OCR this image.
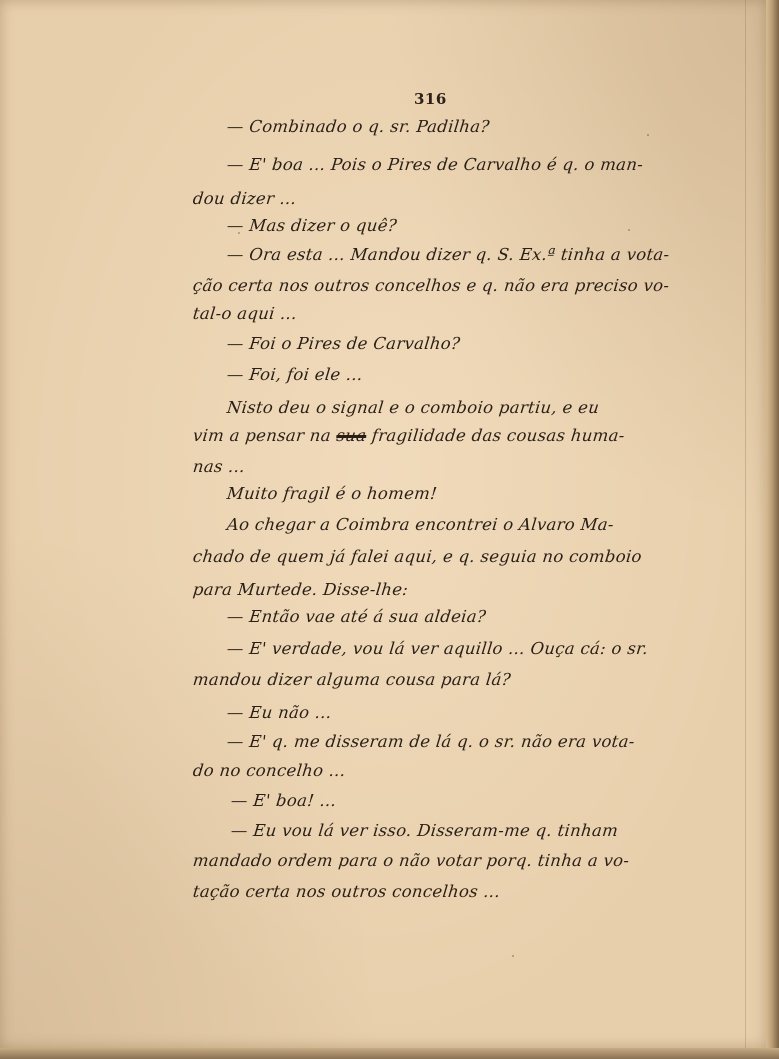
316
— Combinado o q. sr. Padilha?
— E' boa ... Pois o Pires de Carvalho é q. o man-
dou dizer ...
— Mas dizer o quê?
— Ora esta ... Mandou dizer q. S. Ex.ª tinha a vota-
ção certa nos outros concelhos e q. não era preciso vo-
tal-o aqui ...
— Foi o Pires de Carvalho?
— Foi, foi ele ...
Nisto deu o signal e o comboio partiu, e eu
vim a pensar na sua fragilidade das cousas huma-
nas ...
Muito fragil é o homem!
Ao chegar a Coimbra encontrei o Alvaro Ma-
chado de quem já falei aqui, e q. seguia no comboio
para Murtede. Disse-lhe:
— Então vae até á sua aldeia?
— E' verdade, vou lá ver aquillo ... Ouça cá: o sr.
mandou dizer alguma cousa para lá?
— Eu não ...
— E' q. me disseram de lá q. o sr. não era vota-
do no concelho ...
— E' boa! ...
— Eu vou lá ver isso. Disseram-me q. tinham
mandado ordem para o não votar porq. tinha a vo-
tação certa nos outros concelhos ...
